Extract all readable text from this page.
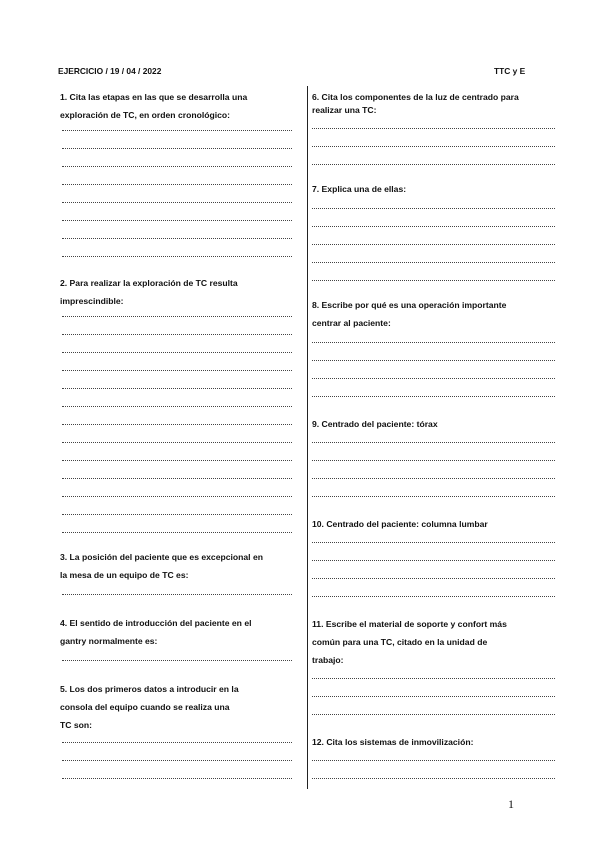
EJERCICIO / 19 / 04 / 2022	TTC y E
1. Cita las etapas en las que se desarrolla una
exploración de TC, en orden cronológico:
2. Para realizar la exploración de TC resulta
imprescindible:
3. La posición del paciente que es excepcional en
la mesa de un equipo de TC es:
4. El sentido de introducción del paciente en el
gantry normalmente es:
5. Los dos primeros datos a introducir en la
consola del equipo cuando se realiza una
TC son:
6. Cita los componentes de la luz de centrado para
realizar una TC:
7. Explica una de ellas:
8. Escribe por qué es una operación importante
centrar al paciente:
9. Centrado del paciente: tórax
10. Centrado del paciente: columna lumbar
11. Escribe el material de soporte y confort más
común para una TC, citado en la unidad de
trabajo:
12. Cita los sistemas de inmovilización:
1
